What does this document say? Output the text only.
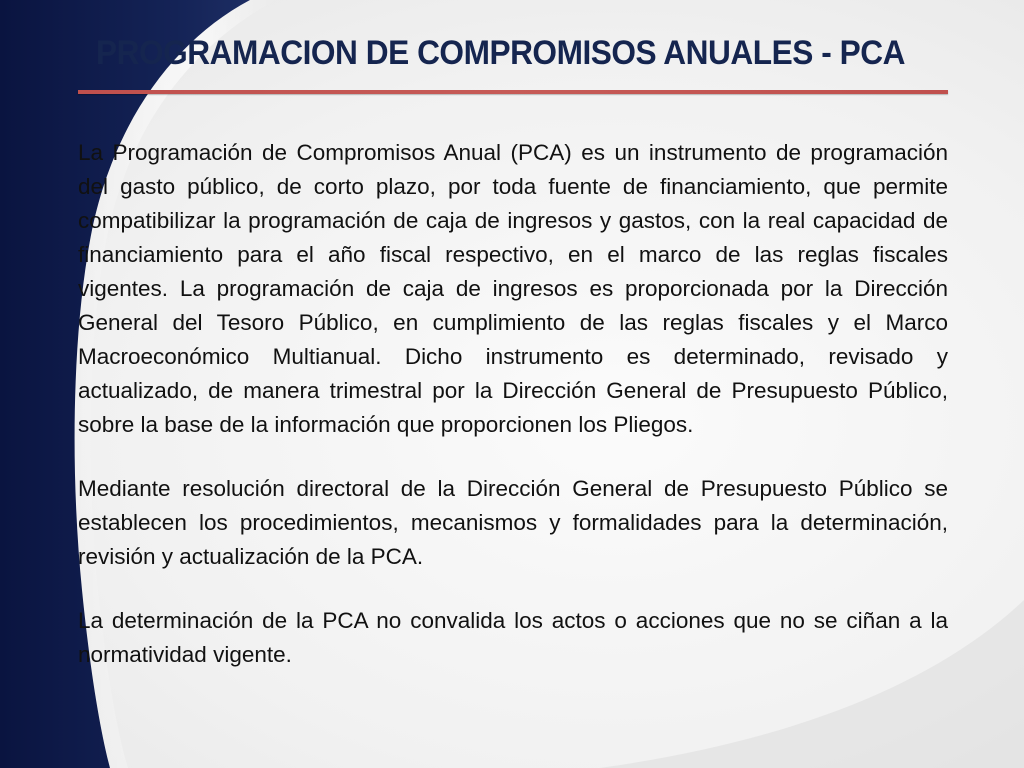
PROGRAMACION DE COMPROMISOS ANUALES - PCA

La Programación de Compromisos Anual (PCA) es un instrumento de programación del gasto público, de corto plazo, por toda fuente de financiamiento, que permite compatibilizar la programación de caja de ingresos y gastos, con la real capacidad de financiamiento para el año fiscal respectivo, en el marco de las reglas fiscales vigentes. La programación de caja de ingresos es proporcionada por la Dirección General del Tesoro Público, en cumplimiento de las reglas fiscales y el Marco Macroeconómico Multianual. Dicho instrumento es determinado, revisado y actualizado, de manera trimestral por la Dirección General de Presupuesto Público, sobre la base de la información que proporcionen los Pliegos.

Mediante resolución directoral de la Dirección General de Presupuesto Público se establecen los procedimientos, mecanismos y formalidades para la determinación, revisión y actualización de la PCA.

La determinación de la PCA no convalida los actos o acciones que no se ciñan a la normatividad vigente.
